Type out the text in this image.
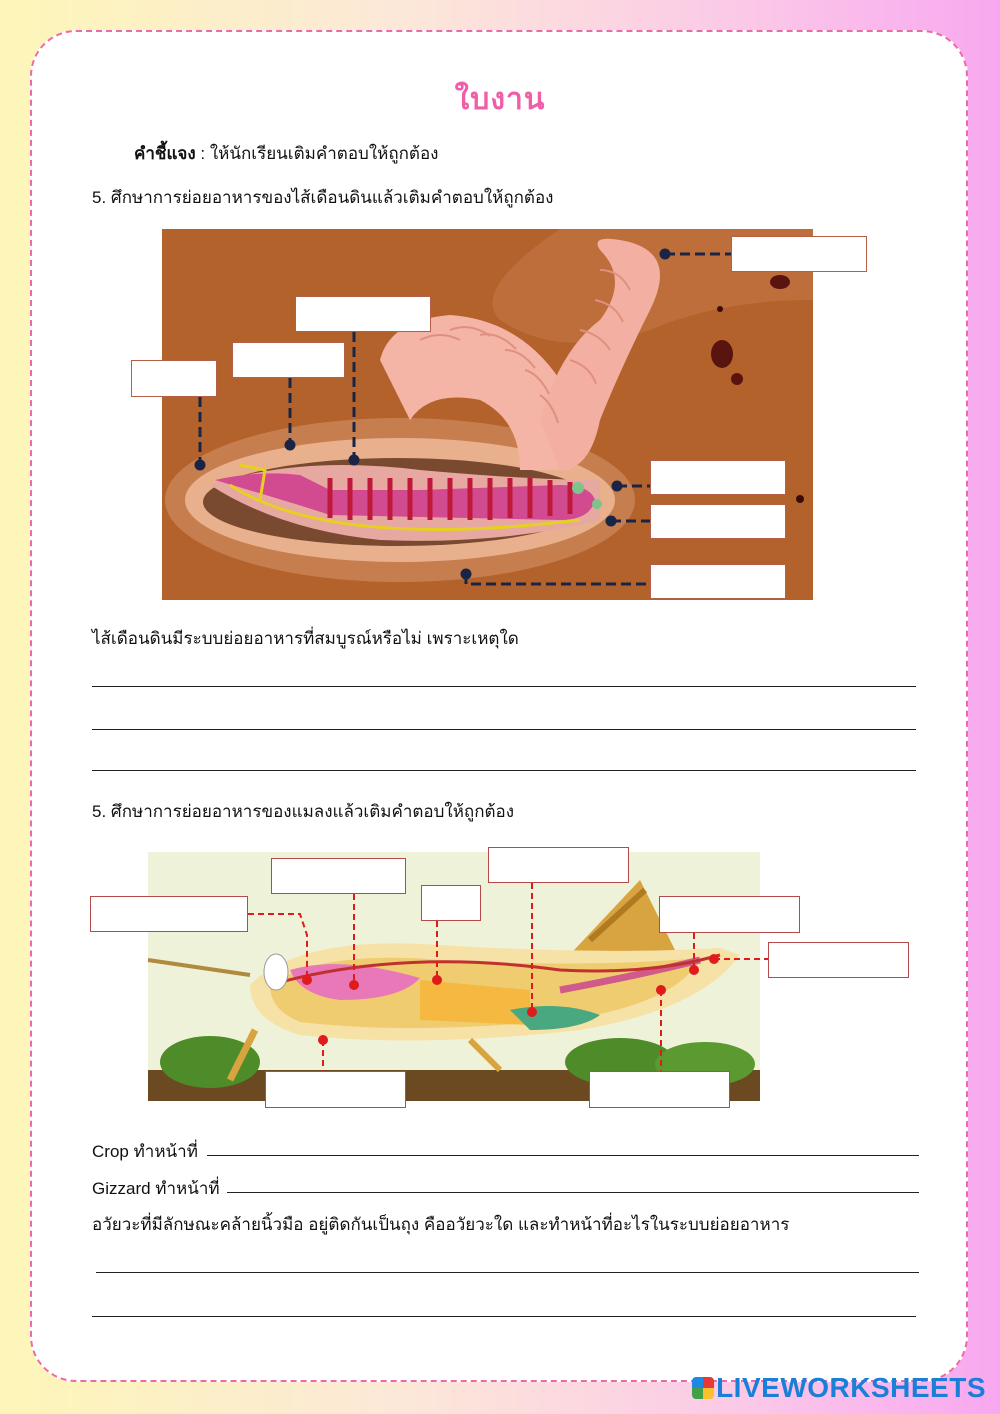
ใบงาน
คำชี้แจง : ให้นักเรียนเติมคำตอบให้ถูกต้อง
5. ศึกษาการย่อยอาหารของไส้เดือนดินแล้วเติมคำตอบให้ถูกต้อง
ไส้เดือนดินมีระบบย่อยอาหารที่สมบูรณ์หรือไม่ เพราะเหตุใด
5. ศึกษาการย่อยอาหารของแมลงแล้วเติมคำตอบให้ถูกต้อง
Crop ทำหน้าที่
Gizzard ทำหน้าที่
อวัยวะที่มีลักษณะคล้ายนิ้วมือ อยู่ติดกันเป็นถุง คืออวัยวะใด และทำหน้าที่อะไรในระบบย่อยอาหาร
LIVEWORKSHEETS
